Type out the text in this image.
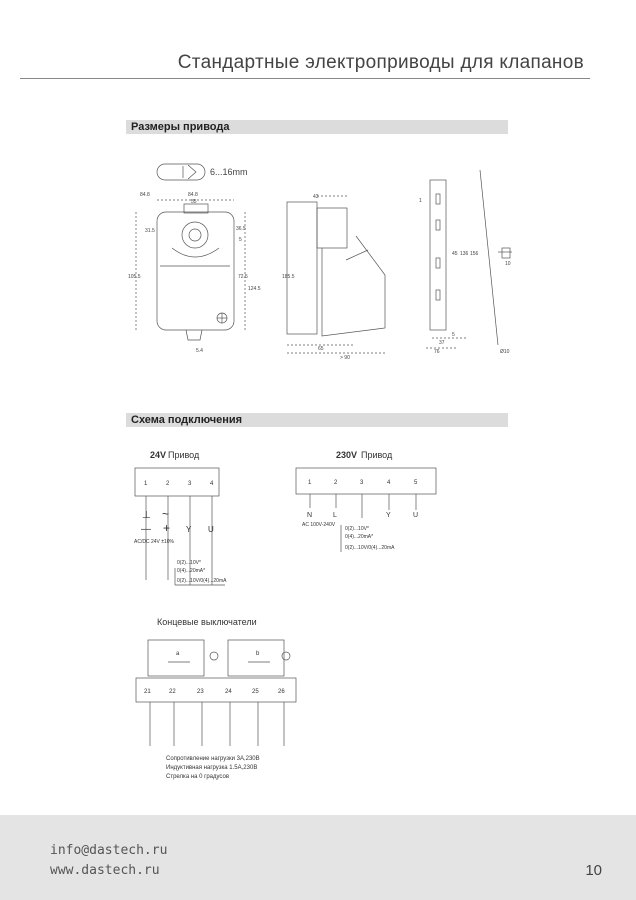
Стандартные электроприводы для клапанов
Размеры привода
6...16mm
84.8	84.8
55
31.5	36.5
5
105.5
124.5
72.5
5.4
43
185.5
65
> 90
1
45 136 156
5
37
76
10
Ø10
Схема подключения
24V Привод
1	2	3	4
⊥ ~
— + Y U
AC/DC 24V ±10%
0(2)...10V*
0(4)...20mA*
0(2)...10V/0(4)...20mA
230V Привод
1	2	3	4	5
N	L	Y	U
AC 100V-240V
0(2)...10V*
0(4)...20mA*
0(2)...10V/0(4)...20mA
Концевые выключатели
a	b
21	22	23	24	25	26
Сопротивление нагрузки 3А,230В
Индуктивная нагрузка 1.5А,230В
Стрелка на 0 градусов
info@dastech.ru
www.dastech.ru	10
